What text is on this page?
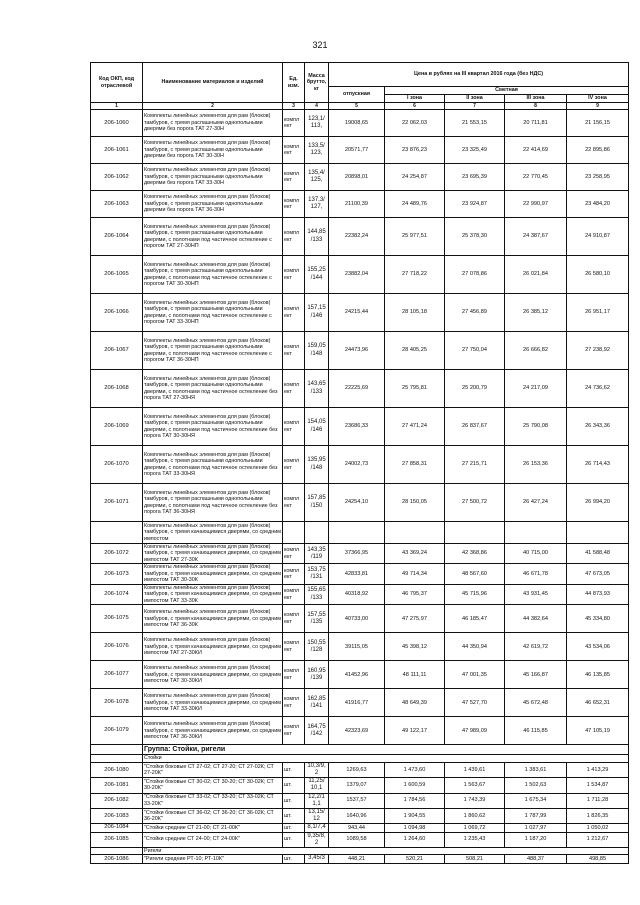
321
Код ОКП, код отраслевой	Наименование материалов и изделий	Ед. изм.	Масса брутто, кг	Цена в рублях на III квартал 2016 года (без НДС)				
				отпускная	Сметная			
					I зона	II зона	III зона	IV зона
1	2	3	4	5	6	7	8	9
206-1060	Комплекты линейных элементов для рам (блоков) тамбуров, с тремя распашными однопольными дверями без порога ТАТ 27-30Н	компл ект	123,1/ 113,	19008,65	22 062,03	21 553,15	20 711,81	21 156,15
206-1061	Комплекты линейных элементов для рам (блоков) тамбуров, с тремя распашными однопольными дверями без порога ТАТ 30-30Н	компл ект	133,5/ 123,	20571,77	23 876,23	23 325,49	22 414,69	22 895,86
206-1062	Комплекты линейных элементов для рам (блоков) тамбуров, с тремя распашными однопольными дверями без порога ТАТ 33-30Н	компл ект	135,4/ 125,	20898,01	24 254,87	23 695,39	22 770,45	23 258,95
206-1063	Комплекты линейных элементов для рам (блоков) тамбуров, с тремя распашными однопольными дверями без порога ТАТ 36-30Н	компл ект	137,3/ 127,	21100,39	24 489,76	23 924,87	22 990,97	23 484,20
206-1064	Комплекты линейных элементов для рам (блоков) тамбуров, с тремя распашными однопольными дверями, с полотнами под частичное остекление с порогом ТАТ 27-30НП	компл ект	144,85 /133	22382,24	25 977,51	25 378,30	24 387,67	24 910,87
206-1065	Комплекты линейных элементов для рам (блоков) тамбуров, с тремя распашными однопольными дверями, с полотнами под частичное остекление с порогом ТАТ 30-30НП	компл ект	155,25 /144	23882,04	27 718,22	27 078,86	26 021,84	26 580,10
206-1066	Комплекты линейных элементов для рам (блоков) тамбуров, с тремя распашными однопольными дверями, с полотнами под частичное остекление с порогом ТАТ 33-30НП	компл ект	157,15 /146	24215,44	28 105,18	27 456,89	26 385,12	26 951,17
206-1067	Комплекты линейных элементов для рам (блоков) тамбуров, с тремя распашными однопольными дверями, с полотнами под частичное остекление с порогом ТАТ 36-30НП	компл ект	159,05 /148	24473,96	28 405,25	27 750,04	26 666,82	27 238,92
206-1068	Комплекты линейных элементов для рам (блоков) тамбуров, с тремя распашными однопольными дверями, с полотнами под частичное остекление без порога ТАТ 27-30НЯ	компл ект	143,65 /133	22225,69	25 795,81	25 200,79	24 217,09	24 736,62
206-1069	Комплекты линейных элементов для рам (блоков) тамбуров, с тремя распашными однопольными дверями, с полотнами под частичное остекление без порога ТАТ 30-30НЯ	компл ект	154,05 /146	23686,33	27 471,24	26 837,67	25 790,08	26 343,36
206-1070	Комплекты линейных элементов для рам (блоков) тамбуров, с тремя распашными однопольными дверями, с полотнами под частичное остекление без порога ТАТ 33-30НЯ	компл ект	135,95 /148	24002,73	27 858,31	27 215,71	26 153,36	26 714,43
206-1071	Комплекты линейных элементов для рам (блоков) тамбуров, с тремя распашными однопольными дверями, с полотнами под частичное остекление без порога ТАТ 36-30НЯ	компл ект	157,85 /150	24254,10	28 150,05	27 500,72	26 427,24	26 994,20
	Комплекты линейных элементов для рам (блоков) тамбуров, с тремя качающимися дверями, со средним импостом							
206-1072	Комплекты линейных элементов для рам (блоков) тамбуров, с тремя качающимися дверями, со средним импостом ТАТ 27-30К	компл ект	143,35 /119	37366,95	43 369,24	42 368,86	40 715,00	41 588,48
206-1073	Комплекты линейных элементов для рам (блоков) тамбуров, с тремя качающимися дверями, со средним импостом ТАТ 30-30К	компл ект	153,75 /131	42833,81	49 714,34	48 567,60	46 671,78	47 673,05
206-1074	Комплекты линейных элементов для рам (блоков) тамбуров, с тремя качающимися дверями, со средним импостом ТАТ 33-30К	компл ект	155,65 /133	40318,92	46 795,37	45 715,96	43 931,45	44 873,93
206-1075	Комплекты линейных элементов для рам (блоков) тамбуров, с тремя качающимися дверями, со средним импостом ТАТ 36-30К	компл ект	157,55 /135	40733,00	47 275,97	46 185,47	44 382,64	45 334,80
206-1076	Комплекты линейных элементов для рам (блоков) тамбуров, с тремя качающимися дверями, со средним импостом ТАТ 27-30КИ	компл ект	150,55 /128	39115,05	45 398,12	44 350,94	42 619,72	43 534,06
206-1077	Комплекты линейных элементов для рам (блоков) тамбуров, с тремя качающимися дверями, со средним импостом ТАТ 30-30КИ	компл ект	160,95 /139	41452,96	48 111,11	47 001,35	45 166,87	46 135,85
206-1078	Комплекты линейных элементов для рам (блоков) тамбуров, с тремя качающимися дверями, со средним импостом ТАТ 33-30КИ	компл ект	162,85 /141	41916,77	48 649,39	47 527,70	45 672,48	46 652,31
206-1079	Комплекты линейных элементов для рам (блоков) тамбуров, с тремя качающимися дверями, со средним импостом ТАТ 36-30КИ	компл ект	164,75 /142	42323,69	49 122,17	47 989,09	46 115,85	47 105,19
	Группа: Стойки, ригели							
	Стойки							
206-1080	"Стойки боковые СТ 27-02; СТ 27-20; СТ 27-02К; СТ 27-20К"	шт.	10,3/9, 2	1269,63	1 473,60	1 439,61	1 383,61	1 413,29
206-1081	"Стойки боковые СТ 30-02; СТ 30-20; СТ 30-02К; СТ 30-20К"	шт.	11,25/ 10,1	1379,07	1 600,59	1 563,67	1 502,63	1 534,87
206-1082	"Стойки боковые СТ 33-02; СТ 33-20; СТ 33-02К; СТ 33-20К"	шт.	12,2/1 1,1	1537,57	1 784,56	1 743,39	1 675,34	1 711,28
206-1083	"Стойки боковые СТ 36-02; СТ 36-20; СТ 36-02К; СТ 36-20К"	шт.	13,15/ 12	1640,96	1 904,55	1 860,62	1 787,99	1 826,35
206-1084	"Стойки средние СТ 21-00; СТ 21-00К"	шт.	8,1/7,4	943,44	1 094,98	1 069,72	1 027,97	1 050,02
206-1085	"Стойки средние СТ 24-00; СТ 24-00К"	шт.	9,35/8, 2	1089,58	1 264,60	1 235,43	1 187,20	1 212,67
	Ригели							
206-1086	"Ригели средние РТ-10; РТ-10К"	шт.	3,45/3	448,21	520,21	508,21	488,37	498,85
